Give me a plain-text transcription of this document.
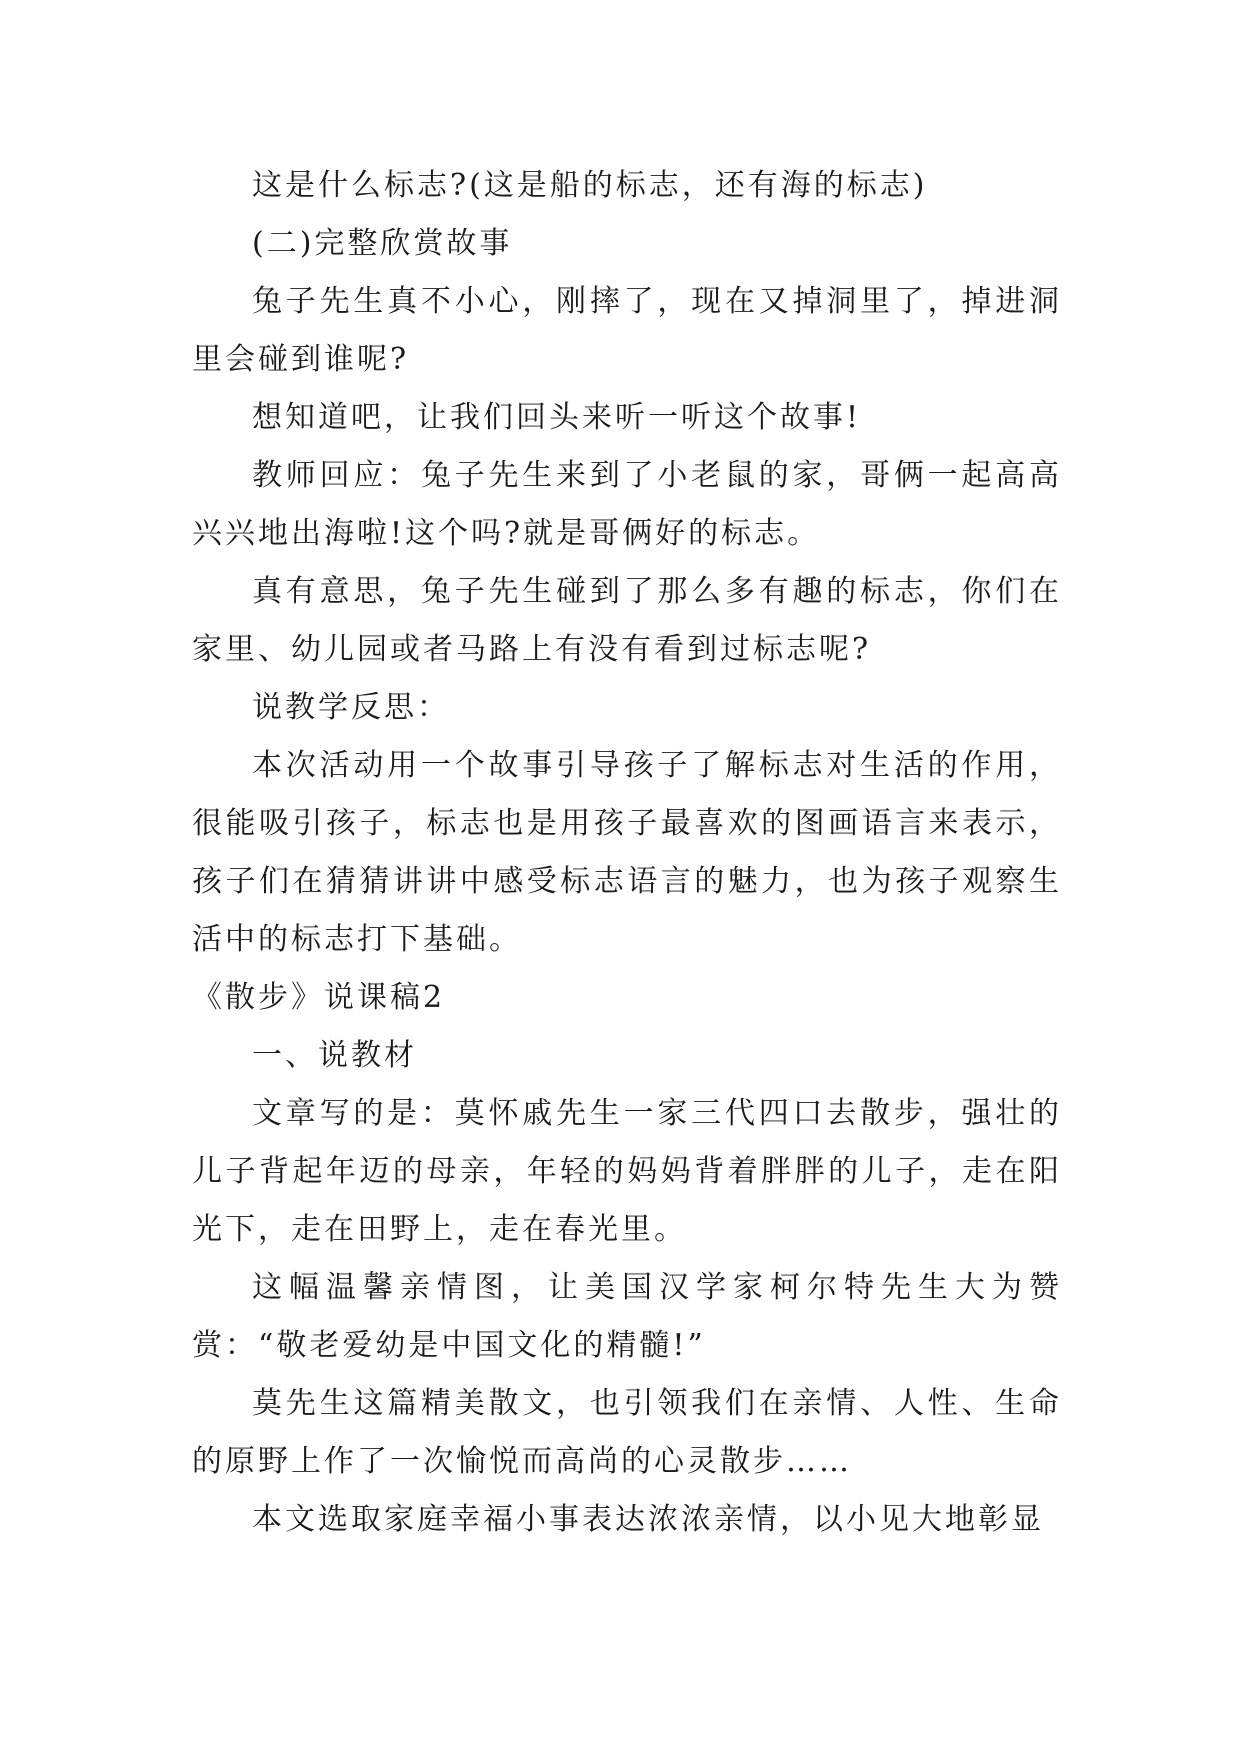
这是什么标志?(这是船的标志，还有海的标志)

(二)完整欣赏故事

兔子先生真不小心，刚摔了，现在又掉洞里了，掉进洞里会碰到谁呢?

想知道吧，让我们回头来听一听这个故事!

教师回应：兔子先生来到了小老鼠的家，哥俩一起高高兴兴地出海啦!这个吗?就是哥俩好的标志。

真有意思，兔子先生碰到了那么多有趣的标志，你们在家里、幼儿园或者马路上有没有看到过标志呢?

说教学反思：

本次活动用一个故事引导孩子了解标志对生活的作用，很能吸引孩子，标志也是用孩子最喜欢的图画语言来表示，孩子们在猜猜讲讲中感受标志语言的魅力，也为孩子观察生活中的标志打下基础。

《散步》说课稿2

一、说教材

文章写的是：莫怀戚先生一家三代四口去散步，强壮的儿子背起年迈的母亲，年轻的妈妈背着胖胖的儿子，走在阳光下，走在田野上，走在春光里。

这幅温馨亲情图，让美国汉学家柯尔特先生大为赞赏：“敬老爱幼是中国文化的精髓!”

莫先生这篇精美散文，也引领我们在亲情、人性、生命的原野上作了一次愉悦而高尚的心灵散步……

本文选取家庭幸福小事表达浓浓亲情，以小见大地彰显
